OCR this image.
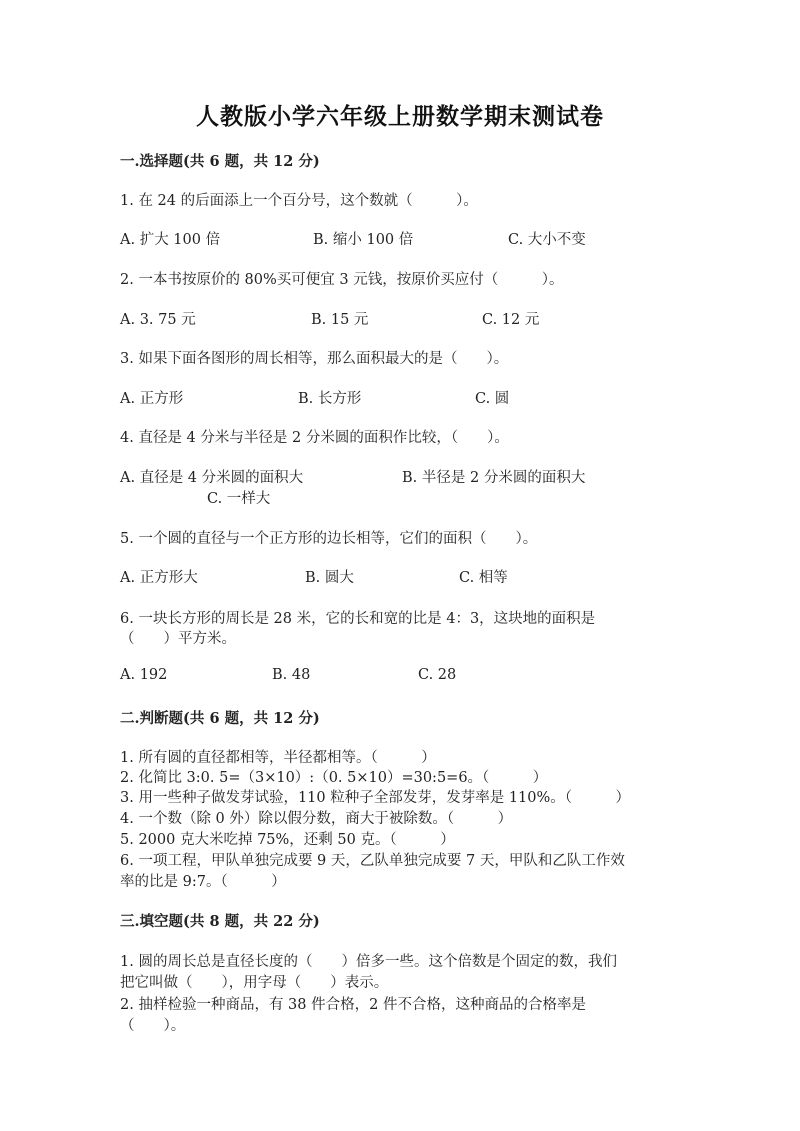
人教版小学六年级上册数学期末测试卷
一.选择题(共 6 题，共 12 分)
1. 在 24 的后面添上一个百分号，这个数就（　　　）。
A. 扩大 100 倍	B. 缩小 100 倍	C. 大小不变
2. 一本书按原价的 80%买可便宜 3 元钱，按原价买应付（　　　）。
A. 3. 75 元	B. 15 元	C. 12 元
3. 如果下面各图形的周长相等，那么面积最大的是（　　）。
A. 正方形	B. 长方形	C. 圆
4. 直径是 4 分米与半径是 2 分米圆的面积作比较，（　　）。
A. 直径是 4 分米圆的面积大	B. 半径是 2 分米圆的面积大
C. 一样大
5. 一个圆的直径与一个正方形的边长相等，它们的面积（　　）。
A. 正方形大	B. 圆大	C. 相等
6. 一块长方形的周长是 28 米，它的长和宽的比是 4：3，这块地的面积是
（　　）平方米。
A. 192	B. 48	C. 28
二.判断题(共 6 题，共 12 分)
1. 所有圆的直径都相等，半径都相等。（　　　）
2. 化简比 3:0. 5=（3×10）:（0. 5×10）=30:5=6。（　　　）
3. 用一些种子做发芽试验，110 粒种子全部发芽，发芽率是 110%。（　　　）
4. 一个数（除 0 外）除以假分数，商大于被除数。（　　　）
5. 2000 克大米吃掉 75%，还剩 50 克。（　　　）
6. 一项工程，甲队单独完成要 9 天，乙队单独完成要 7 天，甲队和乙队工作效
率的比是 9:7。（　　　）
三.填空题(共 8 题，共 22 分)
1. 圆的周长总是直径长度的（　　）倍多一些。这个倍数是个固定的数，我们
把它叫做（　　），用字母（　　）表示。
2. 抽样检验一种商品，有 38 件合格，2 件不合格，这种商品的合格率是
（　　）。
